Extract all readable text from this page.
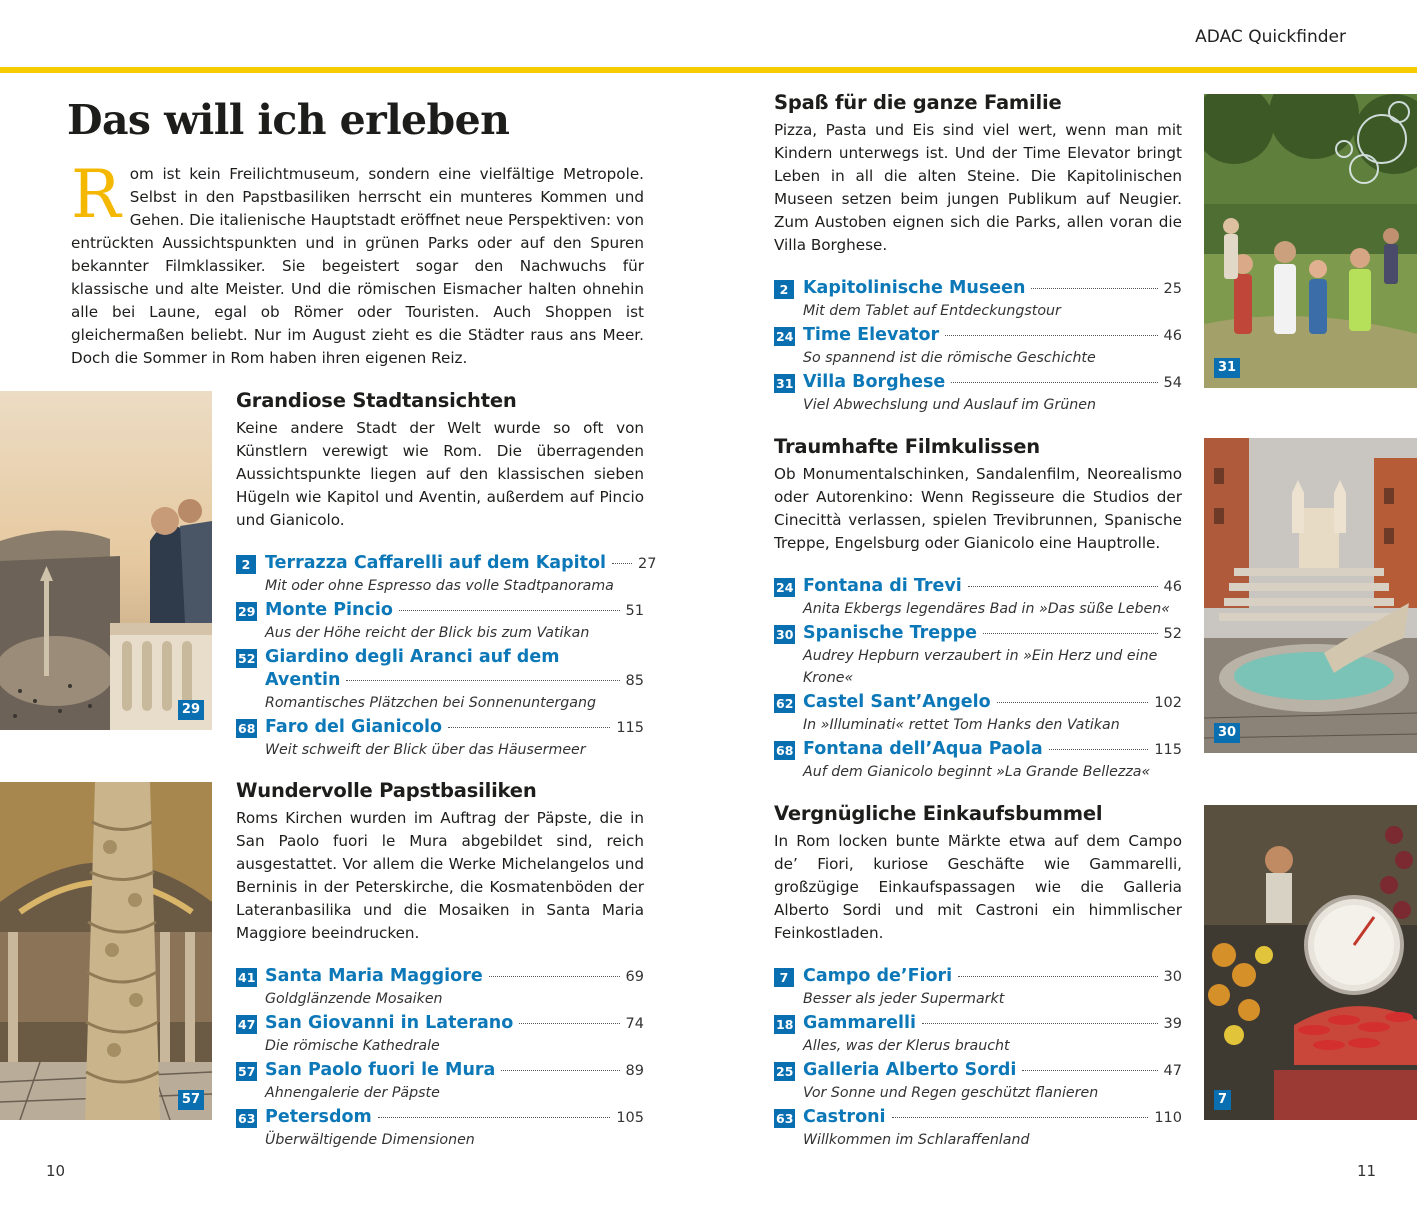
ADAC Quickfinder
Das will ich erleben
Rom ist kein Freilichtmuseum, sondern eine vielfältige Metropole. Selbst in den Papstbasiliken herrscht ein munteres Kommen und Gehen. Die italienische Hauptstadt eröffnet neue Perspektiven: von entrückten Aussichtspunkten und in grünen Parks oder auf den Spuren bekannter Filmklassiker. Sie begeistert sogar den Nachwuchs für klassische und alte Meister. Und die römischen Eismacher halten ohnehin alle bei Laune, egal ob Römer oder Touristen. Auch Shoppen ist gleichermaßen beliebt. Nur im August zieht es die Städter raus ans Meer. Doch die Sommer in Rom haben ihren eigenen Reiz.
29
Grandiose Stadtansichten

Keine andere Stadt der Welt wurde so oft von Künstlern verewigt wie Rom. Die überragenden Aussichtspunkte liegen auf den klassischen sieben Hügeln wie Kapitol und Aventin, außerdem auf Pincio und Gianicolo.

2 Terrazza Caffarelli auf dem Kapitol 27
Mit oder ohne Espresso das volle Stadtpanorama
29 Monte Pincio	51
Aus der Höhe reicht der Blick bis zum Vatikan
52 Giardino degli Aranci auf dem
Aventin	85
Romantisches Plätzchen bei Sonnenuntergang
68 Faro del Gianicolo	115
Weit schweift der Blick über das Häusermeer
57
Wundervolle Papstbasiliken

Roms Kirchen wurden im Auftrag der Päpste, die in San Paolo fuori le Mura abgebildet sind, reich ausgestattet. Vor allem die Werke Michelangelos und Berninis in der Peterskirche, die Kosmatenböden der Lateranbasilika und die Mosaiken in Santa Maria Maggiore beeindrucken.

41 Santa Maria Maggiore	69
Goldglänzende Mosaiken
47 San Giovanni in Laterano	74
Die römische Kathedrale
57 San Paolo fuori le Mura	89
Ahnengalerie der Päpste
63 Petersdom	105
Überwältigende Dimensionen
Spaß für die ganze Familie

Pizza, Pasta und Eis sind viel wert, wenn man mit Kindern unterwegs ist. Und der Time Elevator bringt Leben in all die alten Steine. Die Kapitolinischen Museen setzen beim jungen Publikum auf Neugier. Zum Austoben eignen sich die Parks, allen voran die Villa Borghese.

2 Kapitolinische Museen	25
Mit dem Tablet auf Entdeckungstour
24 Time Elevator	46
So spannend ist die römische Geschichte
31 Villa Borghese	54
Viel Abwechslung und Auslauf im Grünen
31
Traumhafte Filmkulissen

Ob Monumentalschinken, Sandalenfilm, Neorealismo oder Autorenkino: Wenn Regisseure die Studios der Cinecittà verlassen, spielen Trevibrunnen, Spanische Treppe, Engelsburg oder Gianicolo eine Hauptrolle.

24 Fontana di Trevi	46
Anita Ekbergs legendäres Bad in »Das süße Leben«
30 Spanische Treppe	52
Audrey Hepburn verzaubert in »Ein Herz und eine Krone«
62 Castel Sant’Angelo	102
In »Illuminati« rettet Tom Hanks den Vatikan
68 Fontana dell’Aqua Paola	115
Auf dem Gianicolo beginnt »La Grande Bellezza«
30
Vergnügliche Einkaufsbummel

In Rom locken bunte Märkte etwa auf dem Campo de’ Fiori, kuriose Geschäfte wie Gammarelli, großzügige Einkaufspassagen wie die Galleria Alberto Sordi und mit Castroni ein himmlischer Feinkostladen.

7 Campo de’Fiori	30
Besser als jeder Supermarkt
18 Gammarelli	39
Alles, was der Klerus braucht
25 Galleria Alberto Sordi	47
Vor Sonne und Regen geschützt flanieren
63 Castroni	110
Willkommen im Schlaraffenland
7
10	11
